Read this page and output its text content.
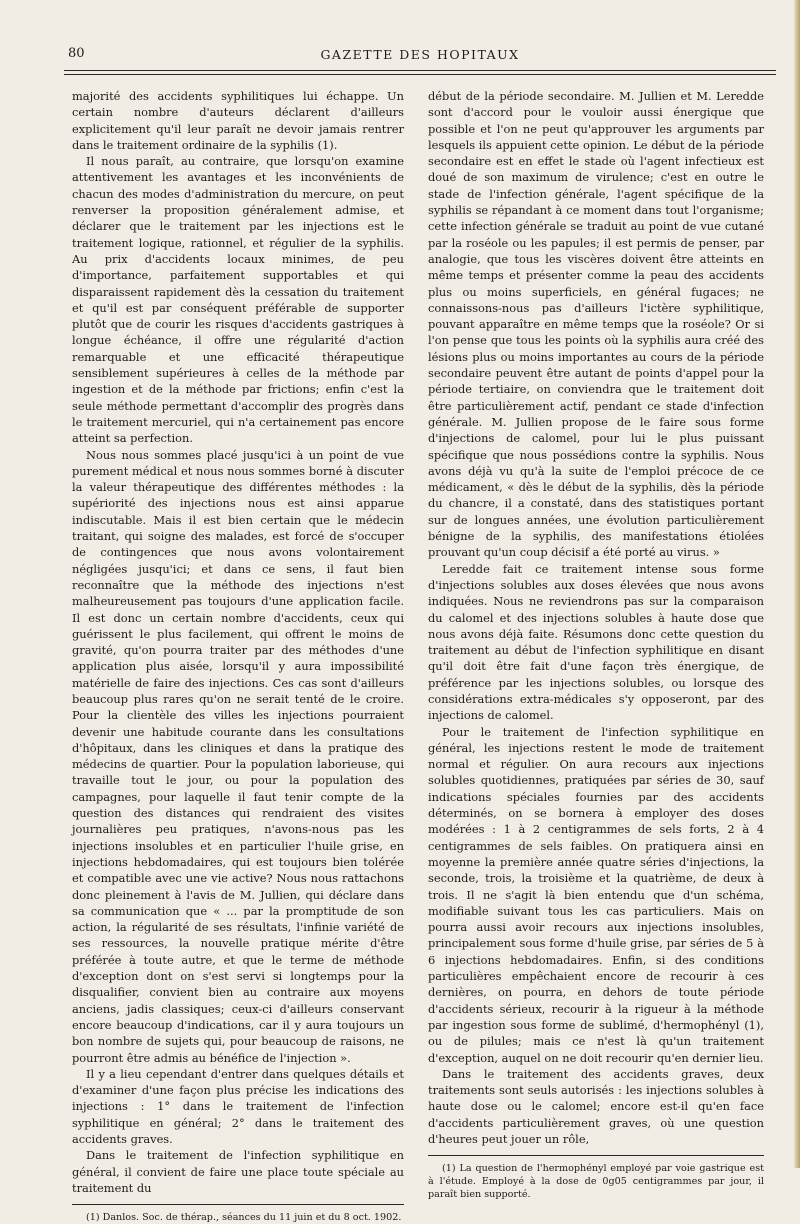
80	GAZETTE DES HOPITAUX

majorité des accidents syphilitiques lui échappe. Un certain nombre d'auteurs déclarent d'ailleurs explicitement qu'il leur paraît ne devoir jamais rentrer dans le traitement ordinaire de la syphilis (1).

Il nous paraît, au contraire, que lorsqu'on examine attentivement les avantages et les inconvénients de chacun des modes d'administration du mercure, on peut renverser la proposition généralement admise, et déclarer que le traitement par les injections est le traitement logique, rationnel, et régulier de la syphilis. Au prix d'accidents locaux minimes, de peu d'importance, parfaitement supportables et qui disparaissent rapidement dès la cessation du traitement et qu'il est par conséquent préférable de supporter plutôt que de courir les risques d'accidents gastriques à longue échéance, il offre une régularité d'action remarquable et une efficacité thérapeutique sensiblement supérieures à celles de la méthode par ingestion et de la méthode par frictions; enfin c'est la seule méthode permettant d'accomplir des progrès dans le traitement mercuriel, qui n'a certainement pas encore atteint sa perfection.

Nous nous sommes placé jusqu'ici à un point de vue purement médical et nous nous sommes borné à discuter la valeur thérapeutique des différentes méthodes : la supériorité des injections nous est ainsi apparue indiscutable. Mais il est bien certain que le médecin traitant, qui soigne des malades, est forcé de s'occuper de contingences que nous avons volontairement négligées jusqu'ici; et dans ce sens, il faut bien reconnaître que la méthode des injections n'est malheureusement pas toujours d'une application facile. Il est donc un certain nombre d'accidents, ceux qui guérissent le plus facilement, qui offrent le moins de gravité, qu'on pourra traiter par des méthodes d'une application plus aisée, lorsqu'il y aura impossibilité matérielle de faire des injections. Ces cas sont d'ailleurs beaucoup plus rares qu'on ne serait tenté de le croire. Pour la clientèle des villes les injections pourraient devenir une habitude courante dans les consultations d'hôpitaux, dans les cliniques et dans la pratique des médecins de quartier. Pour la population laborieuse, qui travaille tout le jour, ou pour la population des campagnes, pour laquelle il faut tenir compte de la question des distances qui rendraient des visites journalières peu pratiques, n'avons-nous pas les injections insolubles et en particulier l'huile grise, en injections hebdomadaires, qui est toujours bien tolérée et compatible avec une vie active? Nous nous rattachons donc pleinement à l'avis de M. Jullien, qui déclare dans sa communication que « ... par la promptitude de son action, la régularité de ses résultats, l'infinie variété de ses ressources, la nouvelle pratique mérite d'être préférée à toute autre, et que le terme de méthode d'exception dont on s'est servi si longtemps pour la disqualifier, convient bien au contraire aux moyens anciens, jadis classiques; ceux-ci d'ailleurs conservant encore beaucoup d'indications, car il y aura toujours un bon nombre de sujets qui, pour beaucoup de raisons, ne pourront être admis au bénéfice de l'injection ».

Il y a lieu cependant d'entrer dans quelques détails et d'examiner d'une façon plus précise les indications des injections : 1° dans le traitement de l'infection syphilitique en général; 2° dans le traitement des accidents graves.

Dans le traitement de l'infection syphilitique en général, il convient de faire une place toute spéciale au traitement du

(1) Danlos. Soc. de thérap., séances du 11 juin et du 8 oct. 1902.

début de la période secondaire. M. Jullien et M. Leredde sont d'accord pour le vouloir aussi énergique que possible et l'on ne peut qu'approuver les arguments par lesquels ils appuient cette opinion. Le début de la période secondaire est en effet le stade où l'agent infectieux est doué de son maximum de virulence; c'est en outre le stade de l'infection générale, l'agent spécifique de la syphilis se répandant à ce moment dans tout l'organisme; cette infection générale se traduit au point de vue cutané par la roséole ou les papules; il est permis de penser, par analogie, que tous les viscères doivent être atteints en même temps et présenter comme la peau des accidents plus ou moins superficiels, en général fugaces; ne connaissons-nous pas d'ailleurs l'ictère syphilitique, pouvant apparaître en même temps que la roséole? Or si l'on pense que tous les points où la syphilis aura créé des lésions plus ou moins importantes au cours de la période secondaire peuvent être autant de points d'appel pour la période tertiaire, on conviendra que le traitement doit être particulièrement actif, pendant ce stade d'infection générale. M. Jullien propose de le faire sous forme d'injections de calomel, pour lui le plus puissant spécifique que nous possédions contre la syphilis. Nous avons déjà vu qu'à la suite de l'emploi précoce de ce médicament, « dès le début de la syphilis, dès la période du chancre, il a constaté, dans des statistiques portant sur de longues années, une évolution particulièrement bénigne de la syphilis, des manifestations étiolées prouvant qu'un coup décisif a été porté au virus. »

Leredde fait ce traitement intense sous forme d'injections solubles aux doses élevées que nous avons indiquées. Nous ne reviendrons pas sur la comparaison du calomel et des injections solubles à haute dose que nous avons déjà faite. Résumons donc cette question du traitement au début de l'infection syphilitique en disant qu'il doit être fait d'une façon très énergique, de préférence par les injections solubles, ou lorsque des considérations extra-médicales s'y opposeront, par des injections de calomel.

Pour le traitement de l'infection syphilitique en général, les injections restent le mode de traitement normal et régulier. On aura recours aux injections solubles quotidiennes, pratiquées par séries de 30, sauf indications spéciales fournies par des accidents déterminés, on se bornera à employer des doses modérées : 1 à 2 centigrammes de sels forts, 2 à 4 centigrammes de sels faibles. On pratiquera ainsi en moyenne la première année quatre séries d'injections, la seconde, trois, la troisième et la quatrième, de deux à trois. Il ne s'agit là bien entendu que d'un schéma, modifiable suivant tous les cas particuliers. Mais on pourra aussi avoir recours aux injections insolubles, principalement sous forme d'huile grise, par séries de 5 à 6 injections hebdomadaires. Enfin, si des conditions particulières empêchaient encore de recourir à ces dernières, on pourra, en dehors de toute période d'accidents sérieux, recourir à la rigueur à la méthode par ingestion sous forme de sublimé, d'hermophényl (1), ou de pilules; mais ce n'est là qu'un traitement d'exception, auquel on ne doit recourir qu'en dernier lieu.

Dans le traitement des accidents graves, deux traitements sont seuls autorisés : les injections solubles à haute dose ou le calomel; encore est-il qu'en face d'accidents particulièrement graves, où une question d'heures peut jouer un rôle,

(1) La question de l'hermophényl employé par voie gastrique est à l'étude. Employé à la dose de 0g05 centigrammes par jour, il paraît bien supporté.
